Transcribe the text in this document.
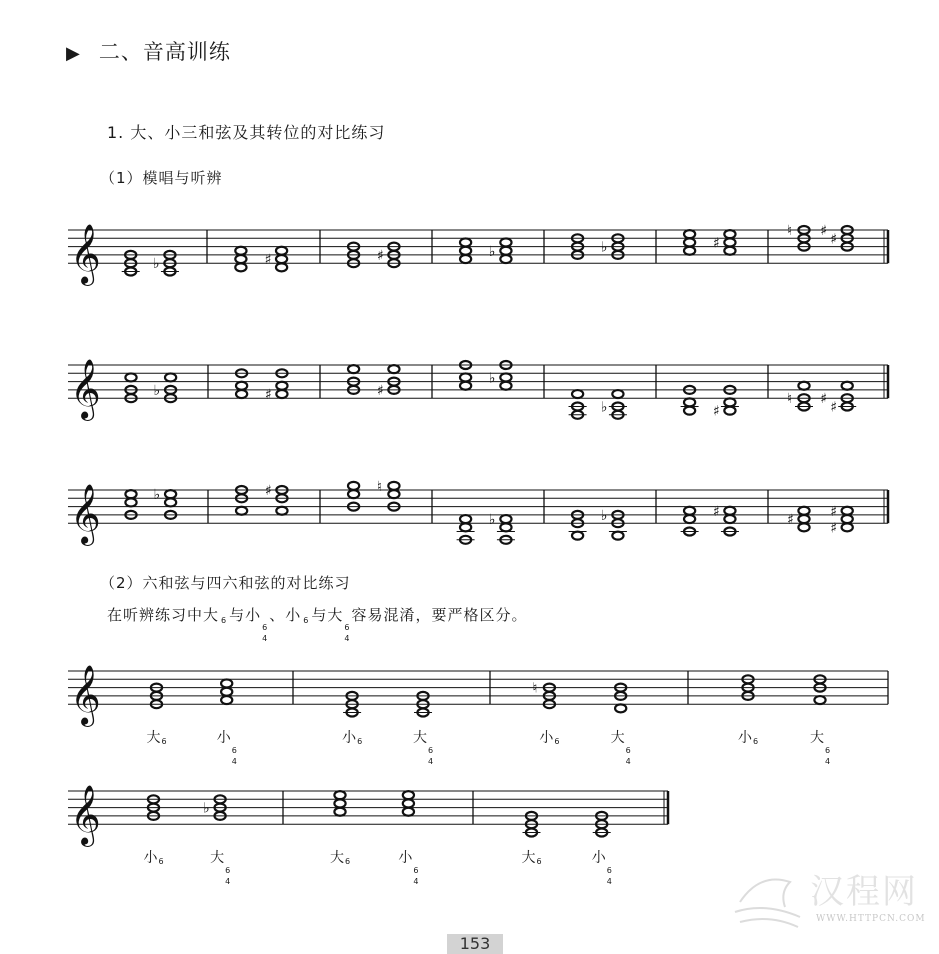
▶ 二、音高训练
1. 大、小三和弦及其转位的对比练习
（1）模唱与听辨
𝄞	♭	♯	♯	♭	♭	♯
♮
♯
♯
𝄞	♭	♯	♯
♭
♭	♯
♮
♯
♯
𝄞	♭	♯	♮
♭	♭	♯
♯
♯
♯
𝄞	♮
大 6	小
6
4
小 6	大
6
4
小 6	大
6
4
小 6	大
6
4
𝄞	♭
小 6	大
6
4
大 6	小
6
4
大 6	小
6
4
（2）六和弦与四六和弦的对比练习
在听辨练习中大 $_6$ 与小
6
4
、小 $_6$ 与大
6
4
容易混淆，要严格区分。
汉程网
WWW.HTTPCN.COM
153
